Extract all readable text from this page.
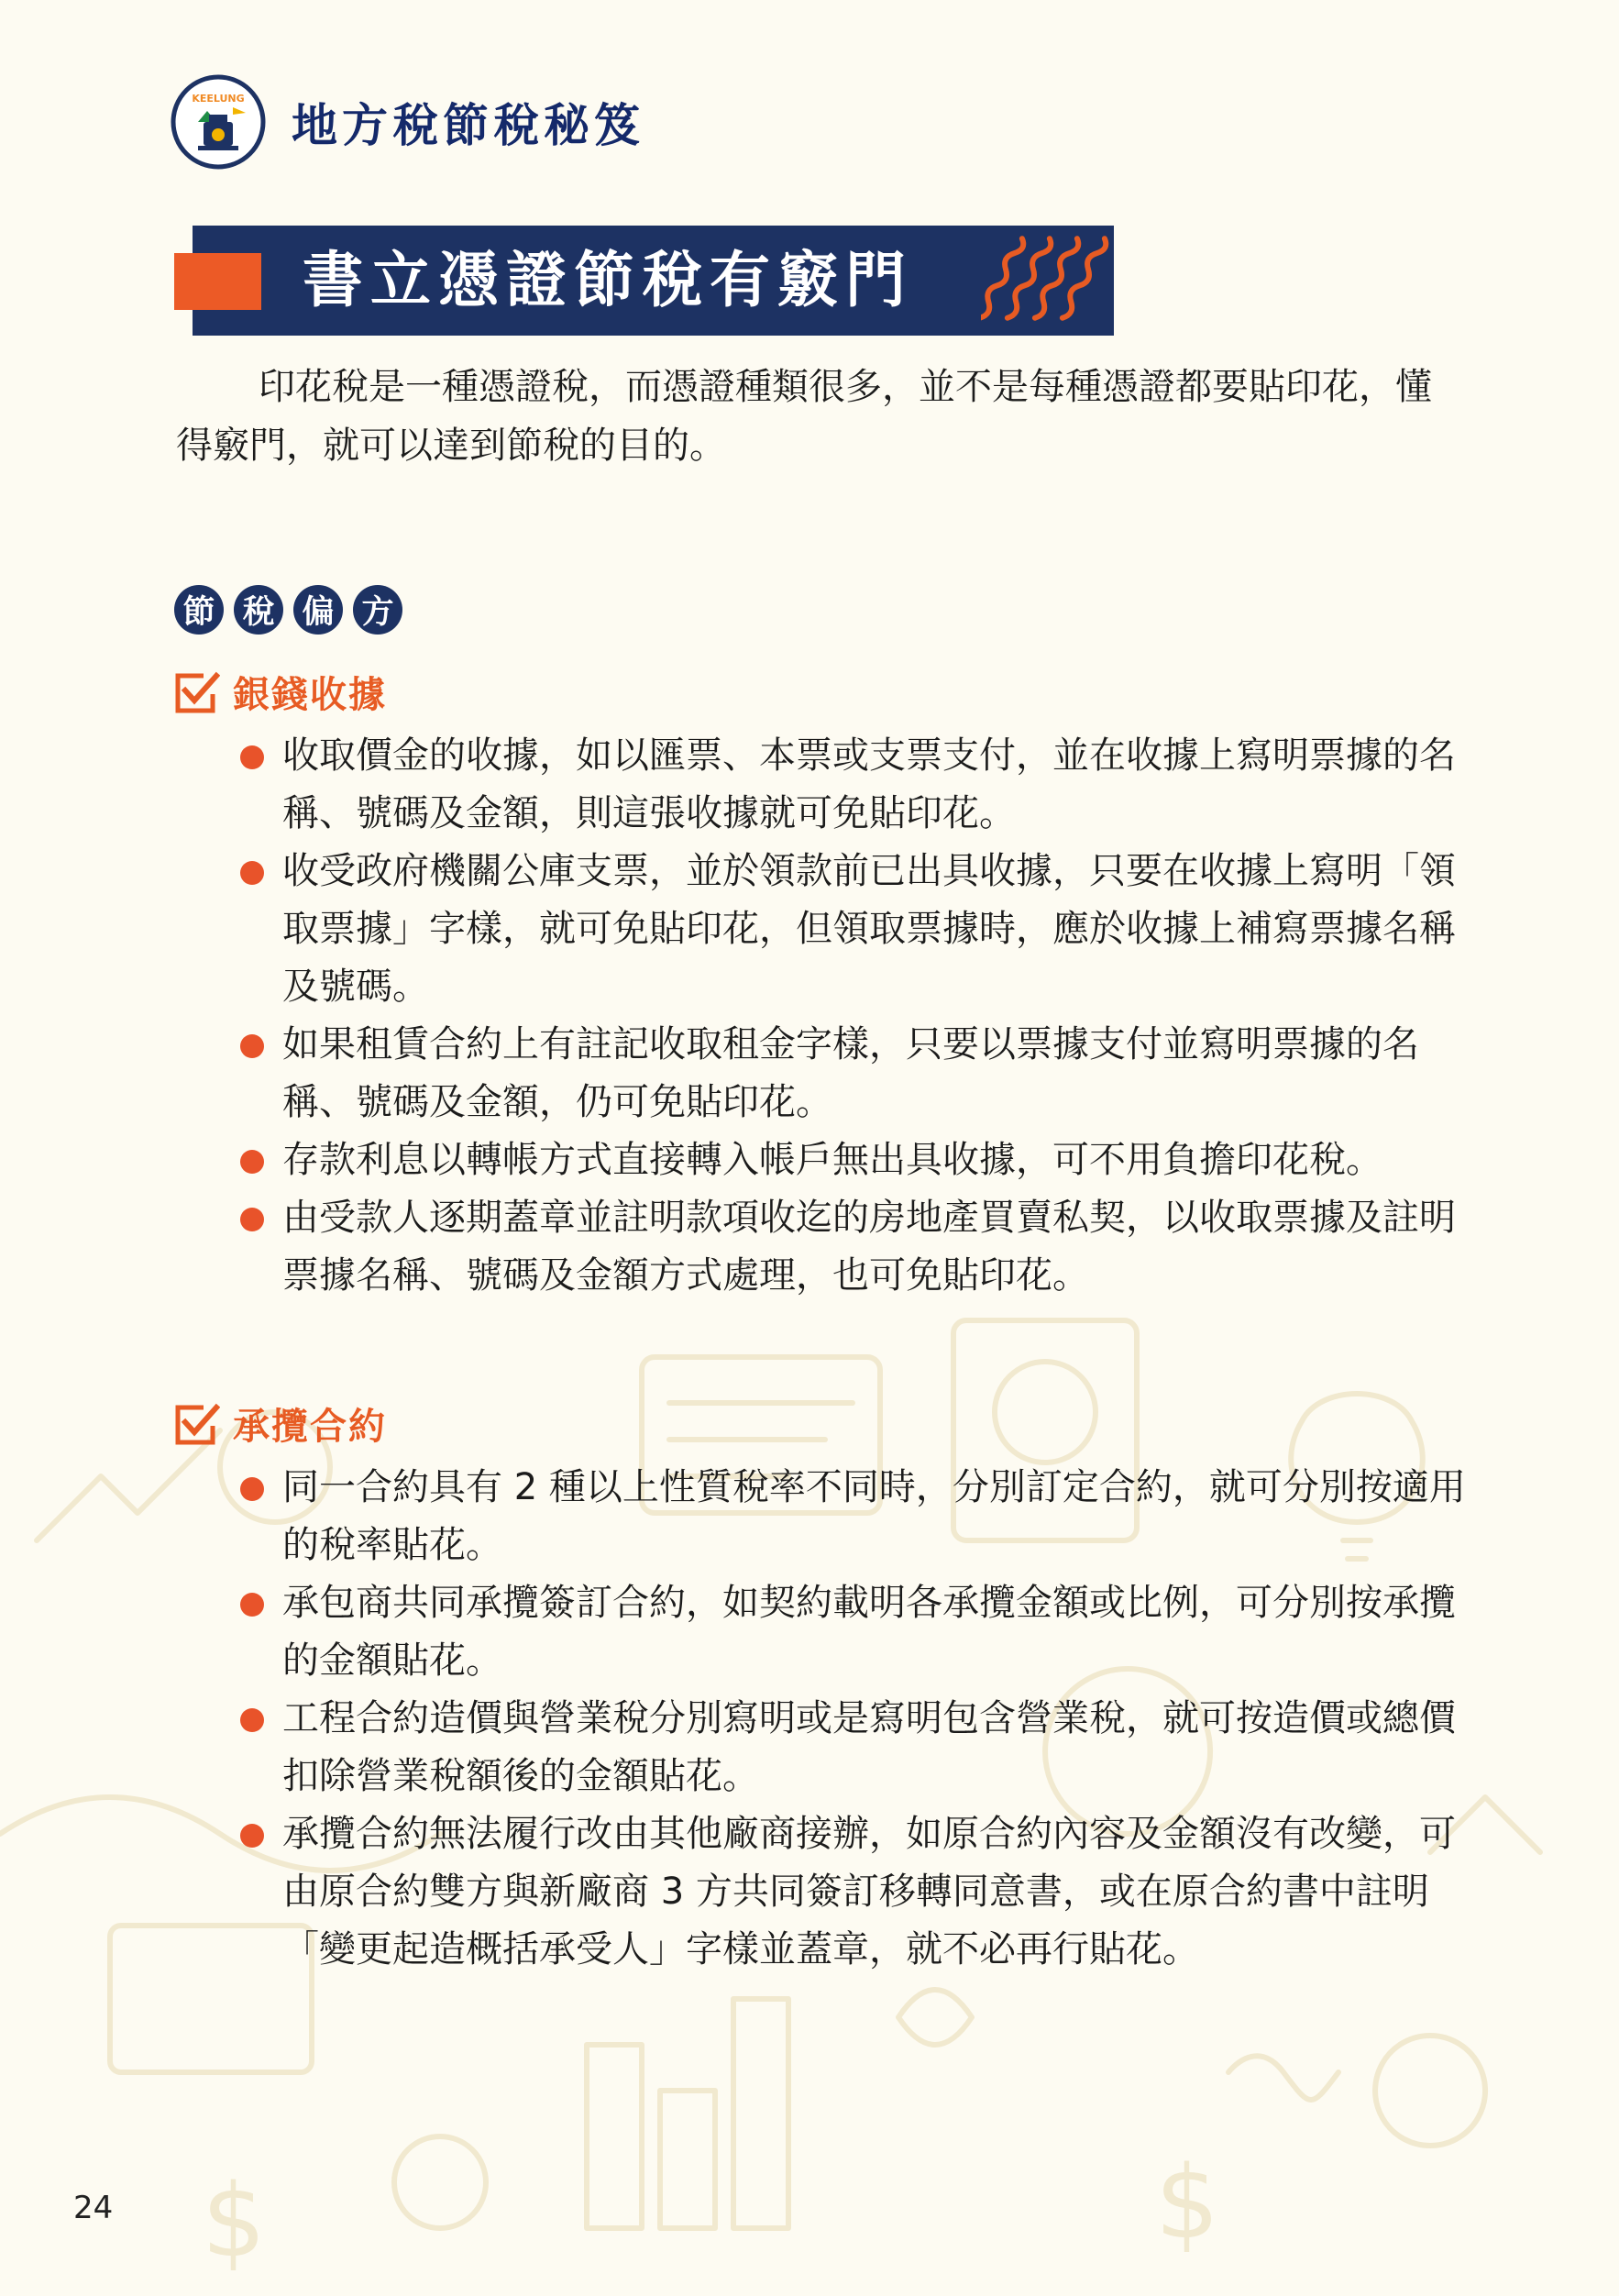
$	$
KEELUNG
地方稅節稅秘笈
書立憑證節稅有竅門

印花稅是一種憑證稅，而憑證種類很多，並不是每種憑證都要貼印花，懂得竅門，就可以達到節稅的目的。

節 稅 偏 方
銀錢收據
收取價金的收據，如以匯票、本票或支票支付，並在收據上寫明票據的名稱、號碼及金額，則這張收據就可免貼印花。
收受政府機關公庫支票，並於領款前已出具收據，只要在收據上寫明「領取票據」字樣，就可免貼印花，但領取票據時，應於收據上補寫票據名稱及號碼。
如果租賃合約上有註記收取租金字樣，只要以票據支付並寫明票據的名稱、號碼及金額，仍可免貼印花。
存款利息以轉帳方式直接轉入帳戶無出具收據，可不用負擔印花稅。
由受款人逐期蓋章並註明款項收迄的房地產買賣私契，以收取票據及註明票據名稱、號碼及金額方式處理，也可免貼印花。
承攬合約
同一合約具有 2 種以上性質稅率不同時，分別訂定合約，就可分別按適用的稅率貼花。
承包商共同承攬簽訂合約，如契約載明各承攬金額或比例，可分別按承攬的金額貼花。
工程合約造價與營業稅分別寫明或是寫明包含營業稅，就可按造價或總價扣除營業稅額後的金額貼花。
承攬合約無法履行改由其他廠商接辦，如原合約內容及金額沒有改變，可由原合約雙方與新廠商 3 方共同簽訂移轉同意書，或在原合約書中註明「變更起造概括承受人」字樣並蓋章，就不必再行貼花。
24
